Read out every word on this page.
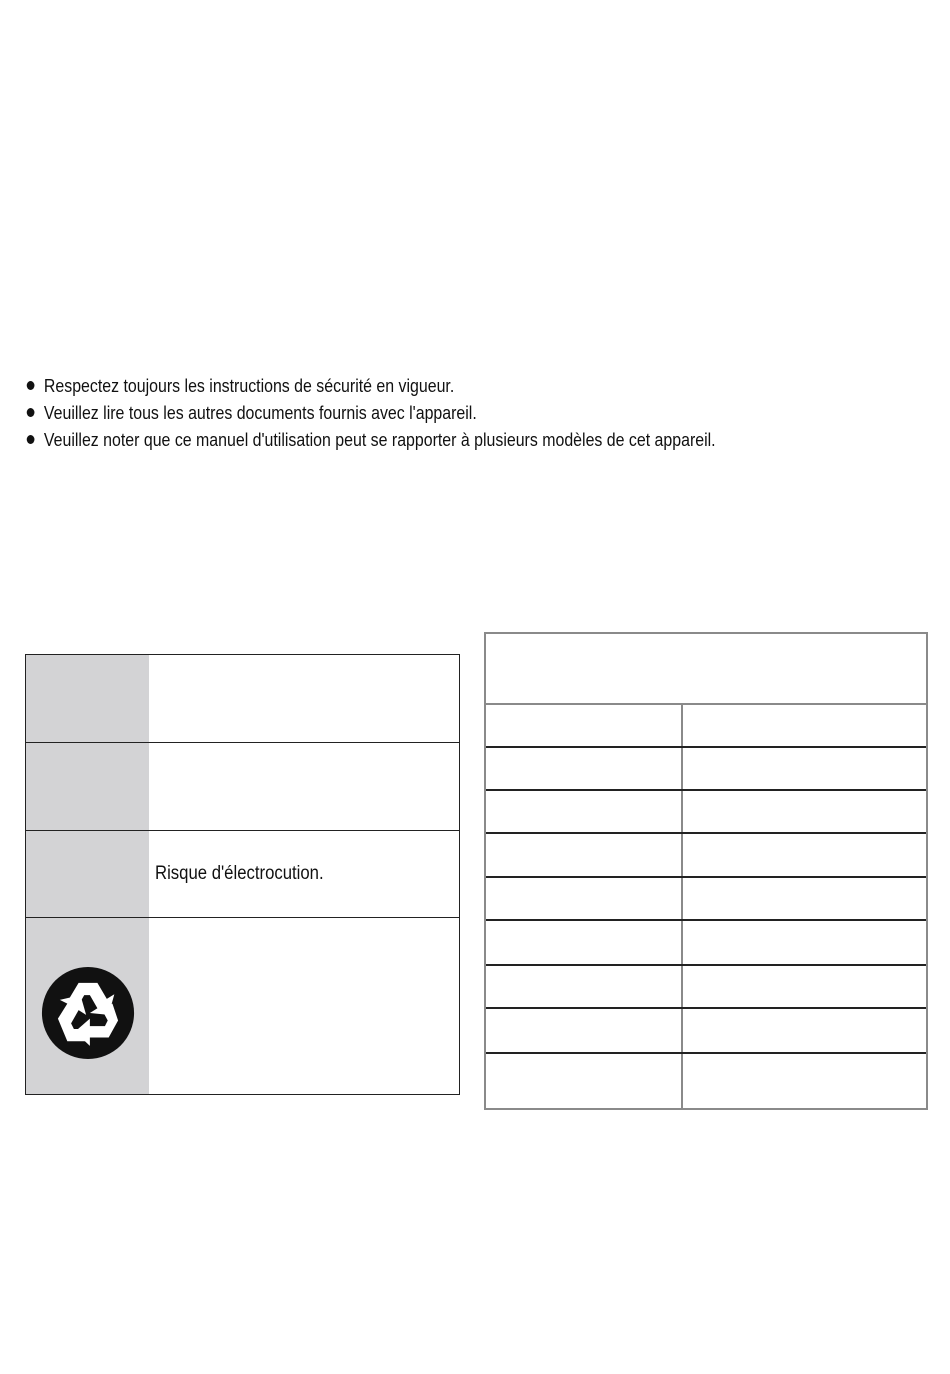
Respectez toujours les instructions de sécurité en vigueur.
Veuillez lire tous les autres documents fournis avec l'appareil.
Veuillez noter que ce manuel d'utilisation peut se rapporter à plusieurs modèles de cet appareil.
Risque d'électrocution.
